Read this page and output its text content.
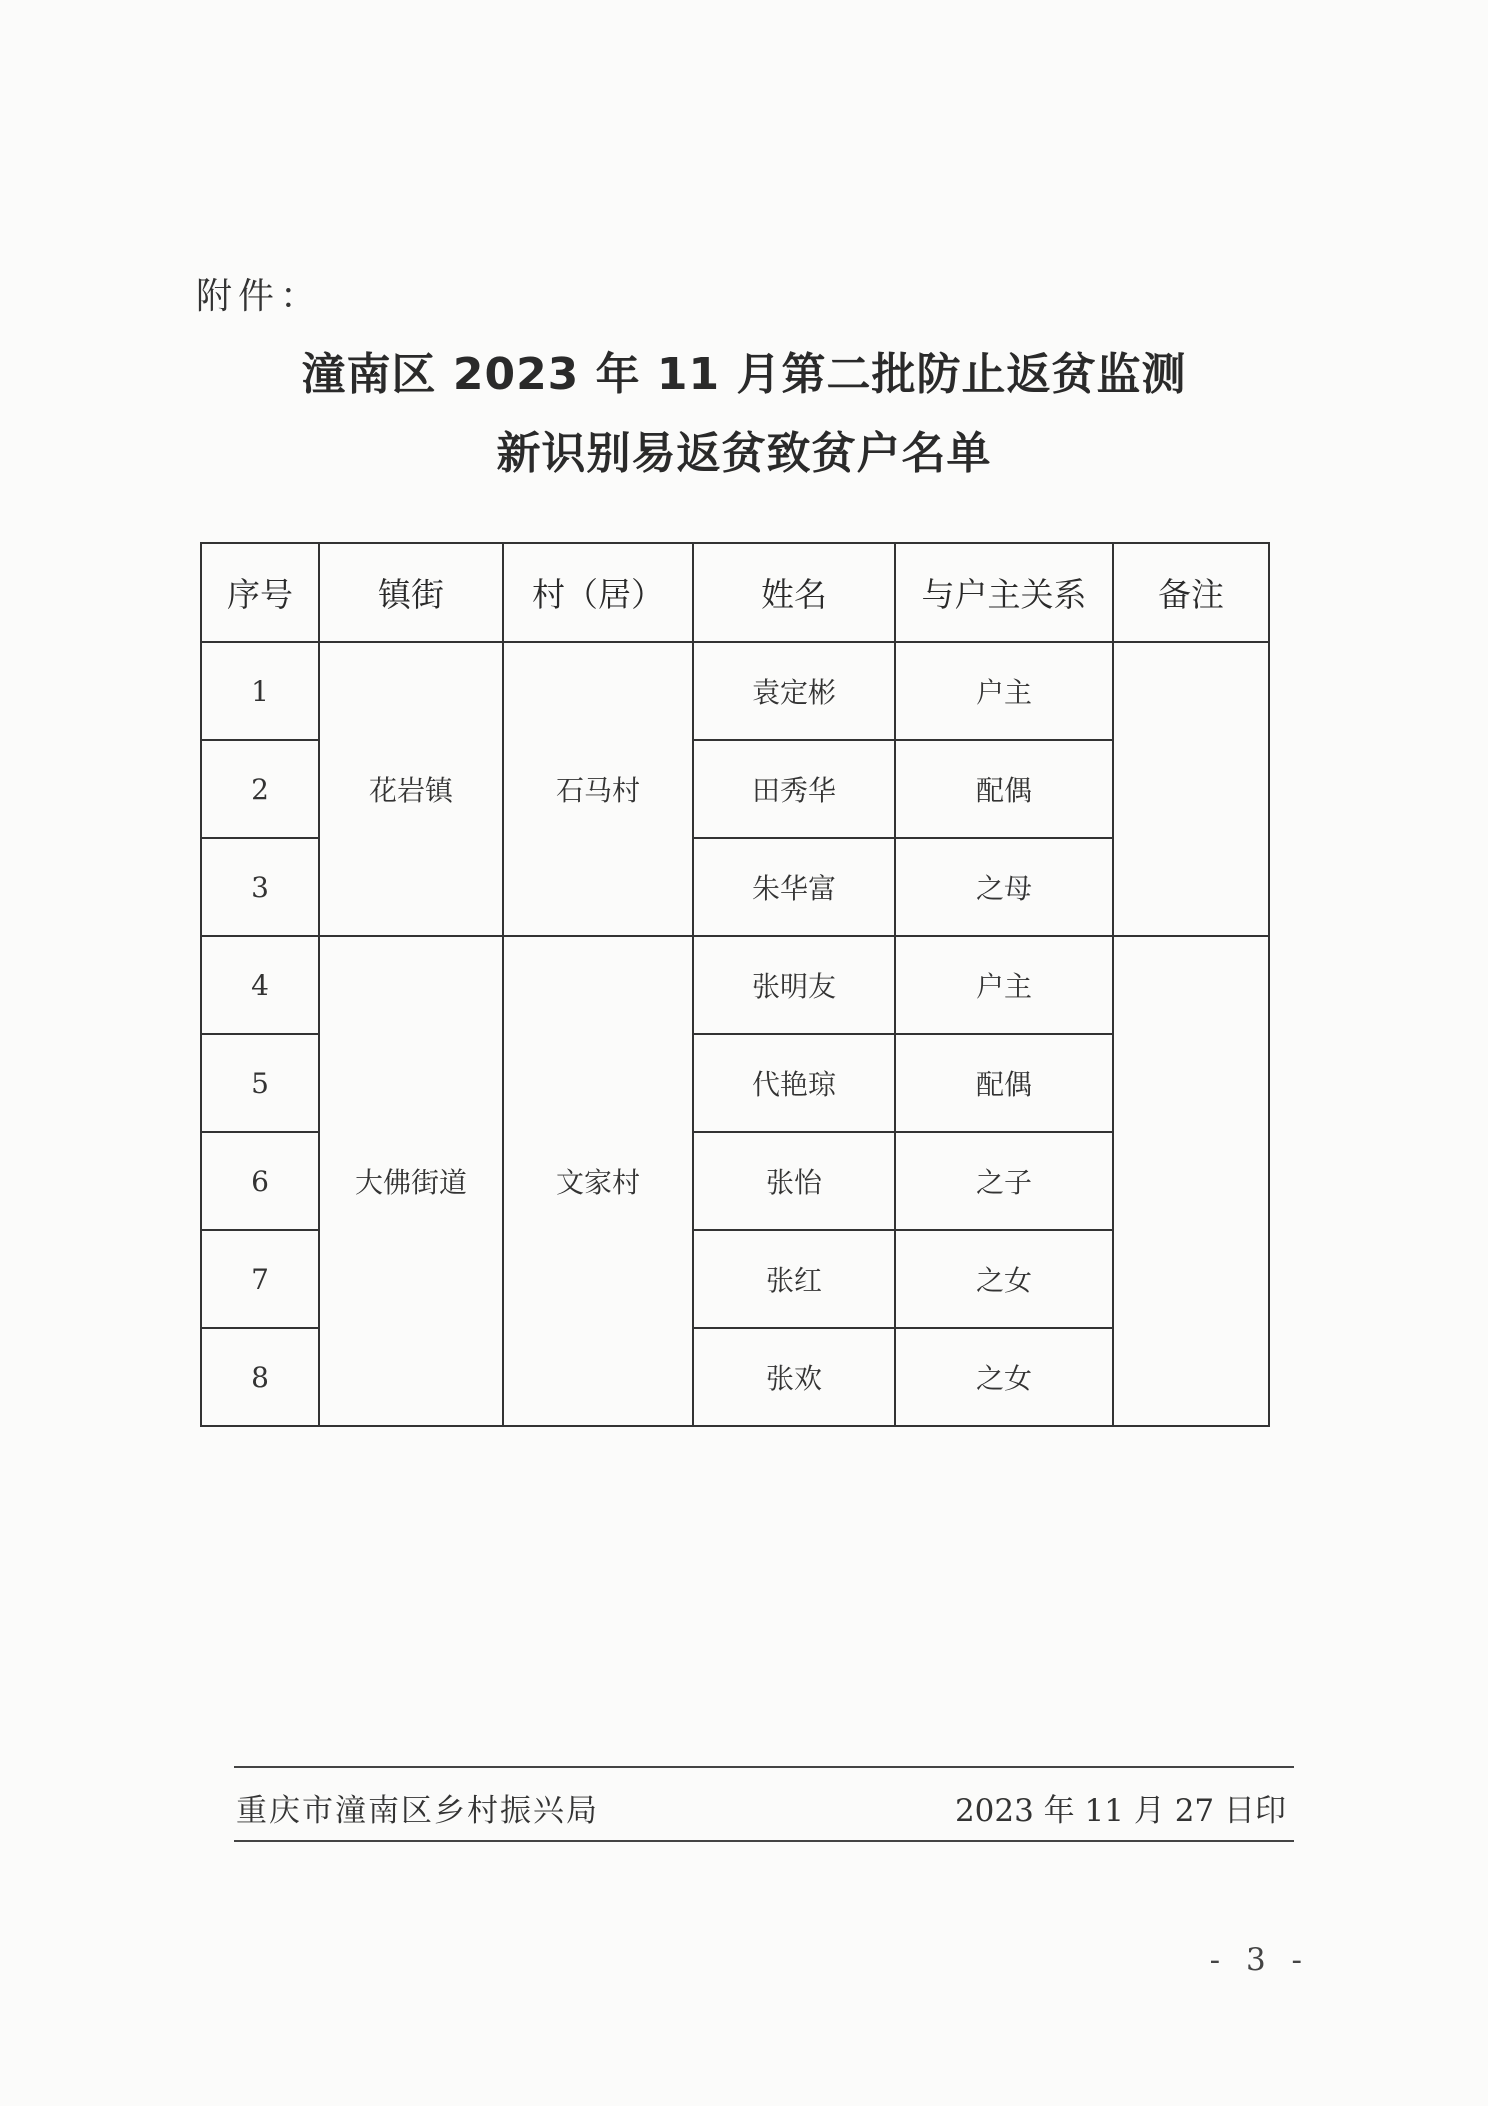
附件：
潼南区 2023 年 11 月第二批防止返贫监测
新识别易返贫致贫户名单
序号	镇街	村（居）	姓名	与户主关系	备注
1	花岩镇	石马村	袁定彬	户主	
2			田秀华	配偶	
3			朱华富	之母	
4	大佛街道	文家村	张明友	户主	
5			代艳琼	配偶	
6			张怡	之子	
7			张红	之女	
8			张欢	之女	
重庆市潼南区乡村振兴局	2023 年 11 月 27 日印
- 3 -
